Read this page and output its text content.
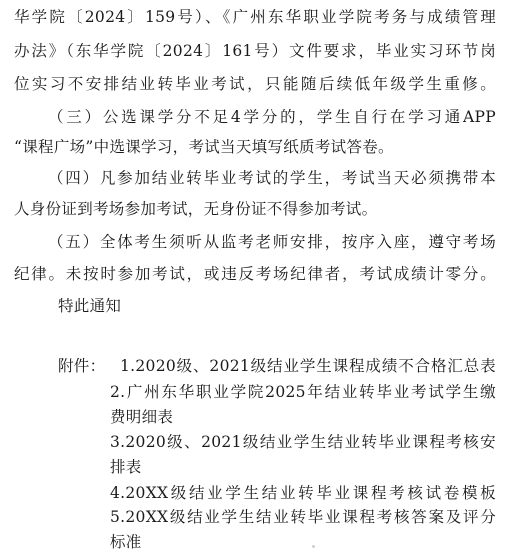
华学院〔2024〕159号）、《广州东华职业学院考务与成绩管理
办法》（东华学院〔2024〕161号）文件要求，毕业实习环节岗
位实习不安排结业转毕业考试，只能随后续低年级学生重修。
（三）公选课学分不足4学分的，学生自行在学习通APP
“课程广场”中选课学习，考试当天填写纸质考试答卷。
（四）凡参加结业转毕业考试的学生，考试当天必须携带本
人身份证到考场参加考试，无身份证不得参加考试。
（五）全体考生须听从监考老师安排，按序入座，遵守考场
纪律。未按时参加考试，或违反考场纪律者，考试成绩计零分。
特此通知
附件： 1.2020级、2021级结业学生课程成绩不合格汇总表
2.广州东华职业学院2025年结业转毕业考试学生缴
费明细表
3.2020级、2021级结业学生结业转毕业课程考核安
排表
4.20XX级结业学生结业转毕业课程考核试卷模板
5.20XX级结业学生结业转毕业课程考核答案及评分
标准
